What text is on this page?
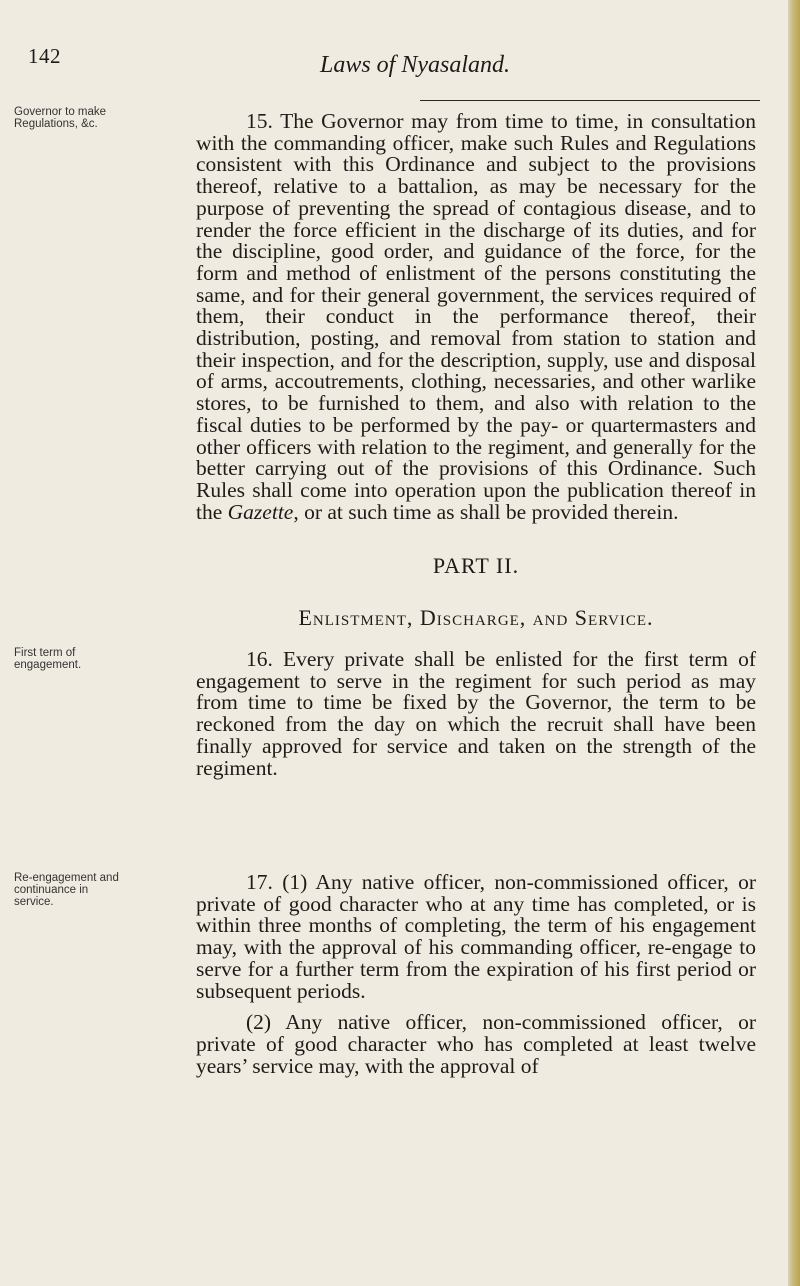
142	Laws of Nyasaland.
Governor to make Regulations, &c.	15. The Governor may from time to time, in consultation with the commanding officer, make such Rules and Regulations consistent with this Ordinance and subject to the provisions thereof, relative to a battalion, as may be necessary for the purpose of preventing the spread of contagious disease, and to render the force efficient in the discharge of its duties, and for the discipline, good order, and guidance of the force, for the form and method of enlistment of the persons constituting the same, and for their general government, the services required of them, their conduct in the performance thereof, their distribution, posting, and removal from station to station and their inspection, and for the description, supply, use and disposal of arms, accoutrements, clothing, necessaries, and other warlike stores, to be furnished to them, and also with relation to the fiscal duties to be performed by the pay- or quartermasters and other officers with relation to the regiment, and generally for the better carrying out of the provisions of this Ordinance. Such Rules shall come into operation upon the publication thereof in the Gazette, or at such time as shall be provided therein.

PART II.
Enlistment, Discharge, and Service.
First term of engagement.	16. Every private shall be enlisted for the first term of engagement to serve in the regiment for such period as may from time to time be fixed by the Governor, the term to be reckoned from the day on which the recruit shall have been finally approved for service and taken on the strength of the regiment.

Re-engagement and continuance in service.

17. (1) Any native officer, non-commissioned officer, or private of good character who at any time has completed, or is within three months of completing, the term of his engagement may, with the approval of his commanding officer, re-engage to serve for a further term from the expiration of his first period or subsequent periods.

(2) Any native officer, non-commissioned officer, or private of good character who has completed at least twelve years’ service may, with the approval of
